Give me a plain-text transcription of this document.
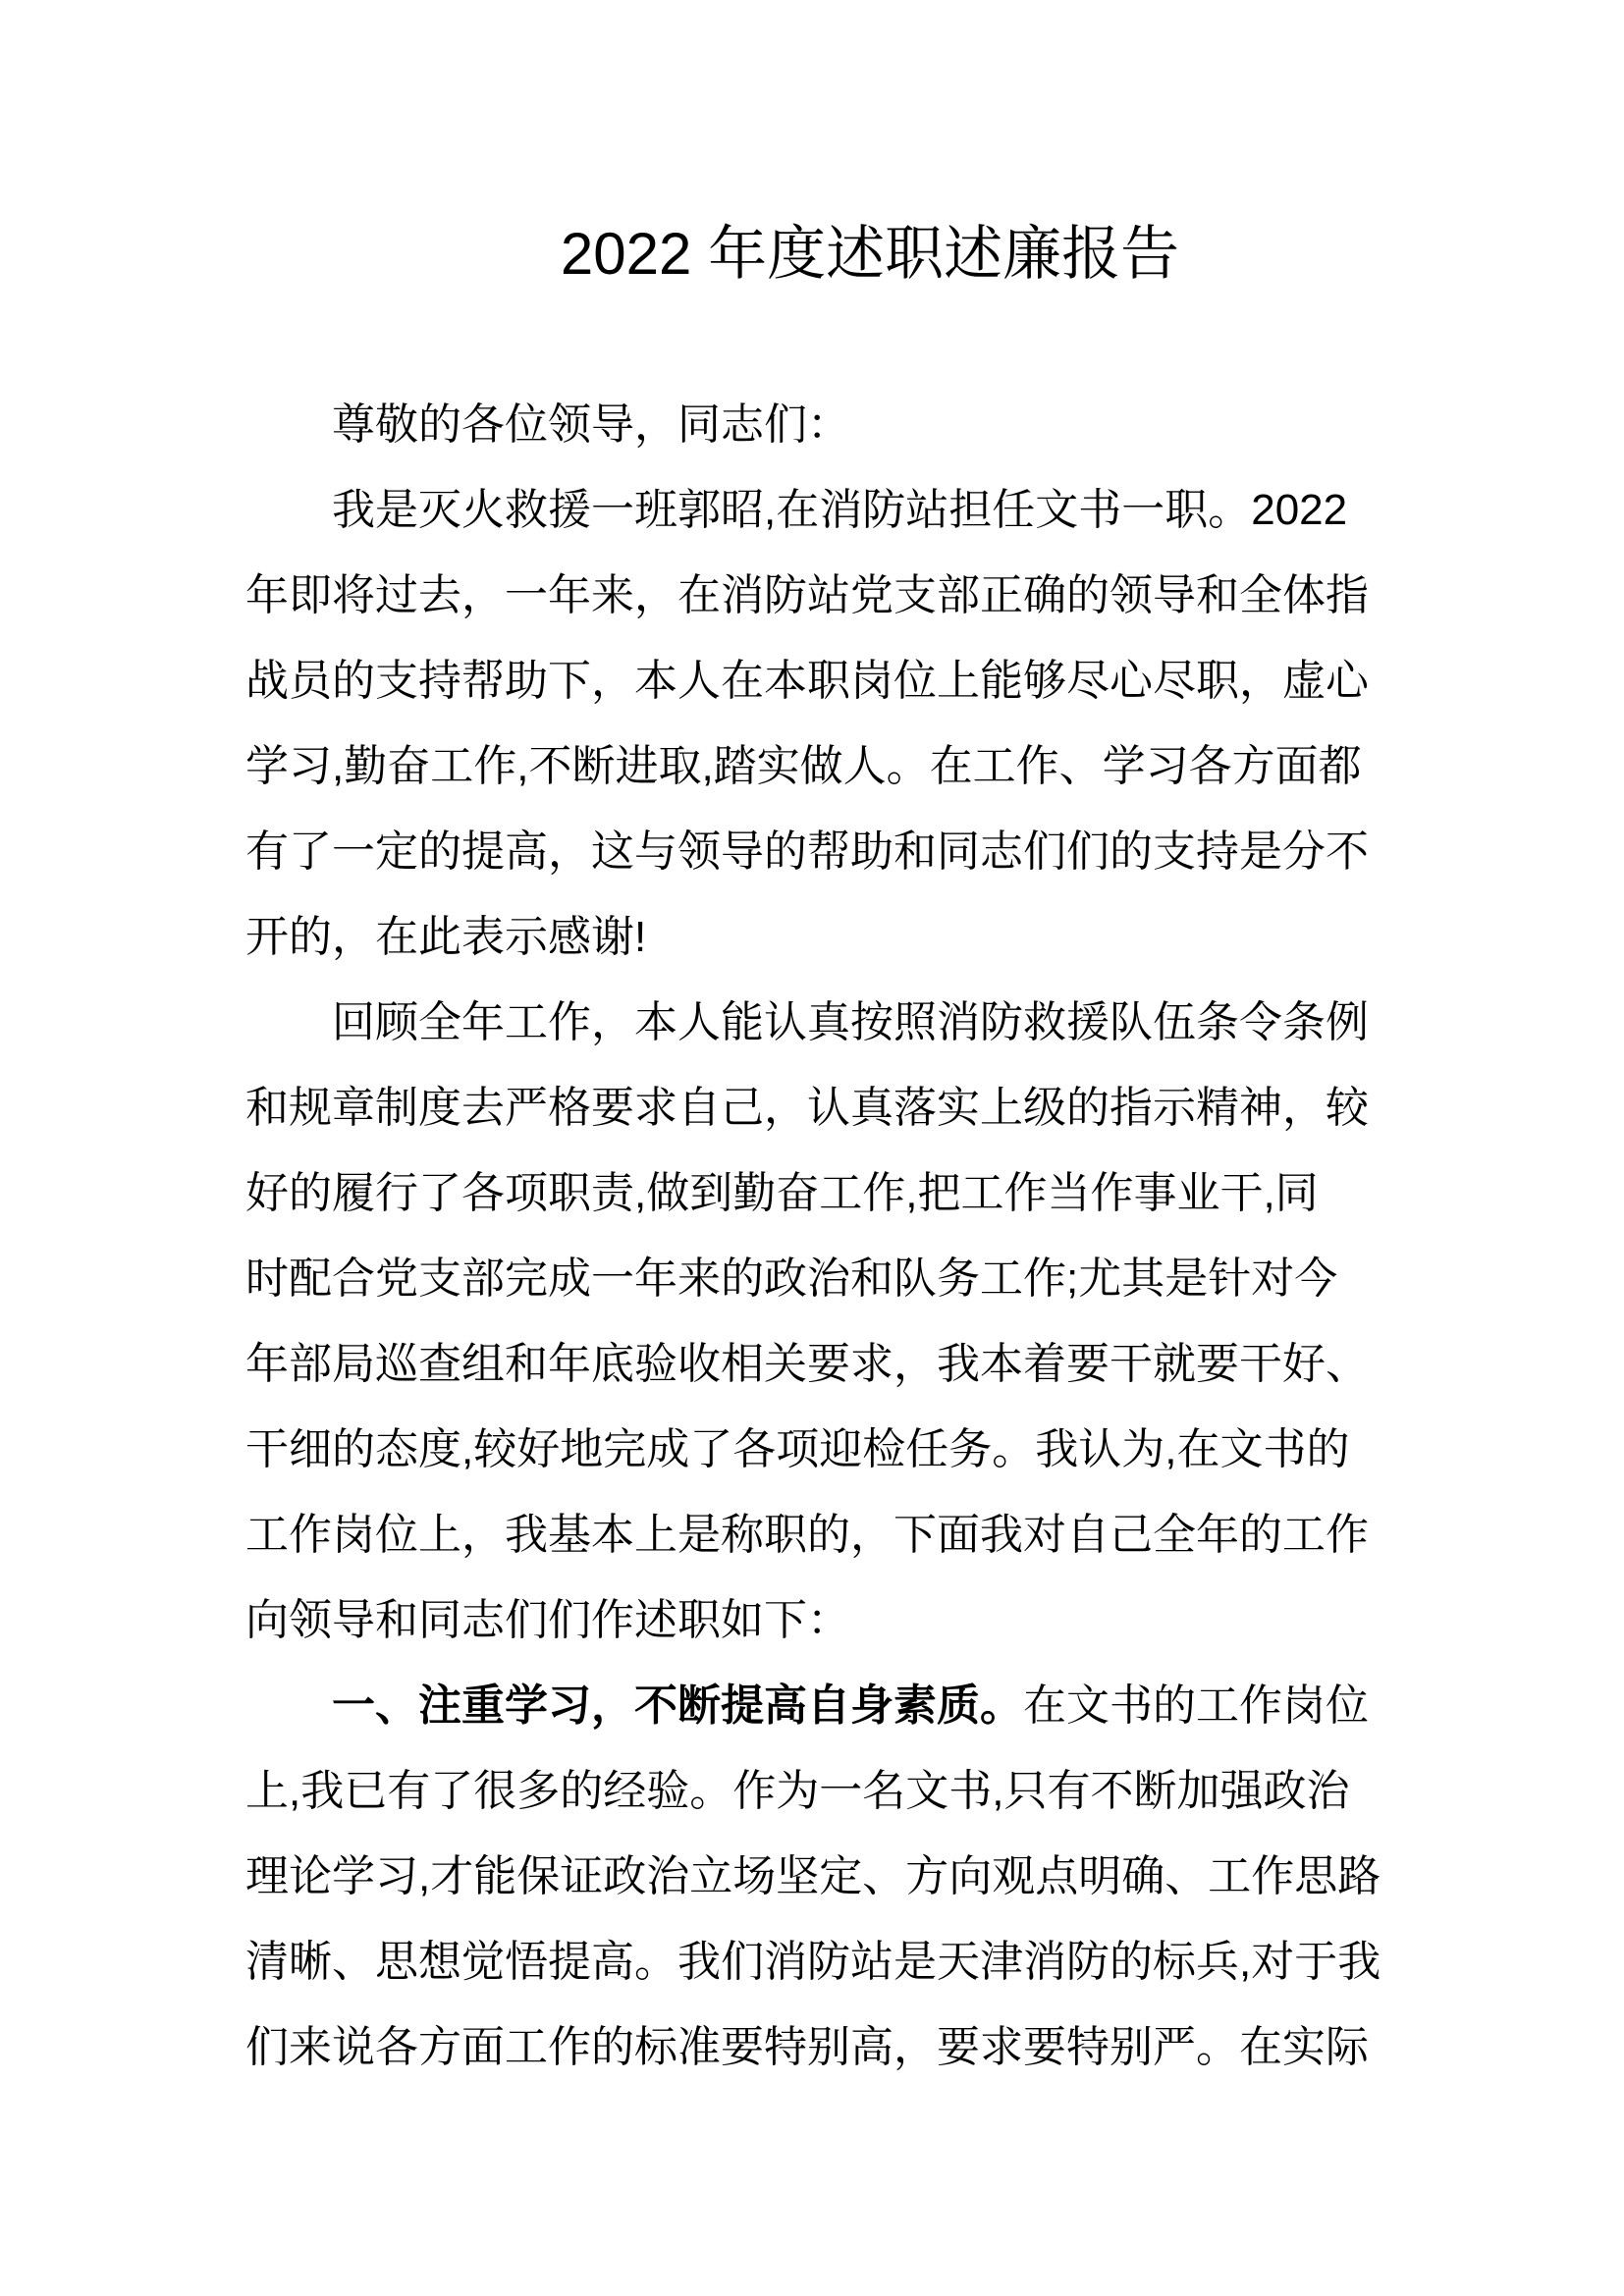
2022 年度述职述廉报告
尊敬的各位领导，同志们：
我是灭火救援一班郭昭,在消防站担任文书一职。2022
年即将过去，一年来，在消防站党支部正确的领导和全体指
战员的支持帮助下，本人在本职岗位上能够尽心尽职，虚心
学习,勤奋工作,不断进取,踏实做人。在工作、学习各方面都
有了一定的提高，这与领导的帮助和同志们们的支持是分不
开的，在此表示感谢!
回顾全年工作，本人能认真按照消防救援队伍条令条例
和规章制度去严格要求自己，认真落实上级的指示精神，较
好的履行了各项职责,做到勤奋工作,把工作当作事业干,同
时配合党支部完成一年来的政治和队务工作;尤其是针对今
年部局巡查组和年底验收相关要求，我本着要干就要干好、
干细的态度,较好地完成了各项迎检任务。我认为,在文书的
工作岗位上，我基本上是称职的，下面我对自己全年的工作
向领导和同志们们作述职如下：
一、注重学习，不断提高自身素质。在文书的工作岗位
上,我已有了很多的经验。作为一名文书,只有不断加强政治
理论学习,才能保证政治立场坚定、方向观点明确、工作思路
清晰、思想觉悟提高。我们消防站是天津消防的标兵,对于我
们来说各方面工作的标准要特别高，要求要特别严。在实际
